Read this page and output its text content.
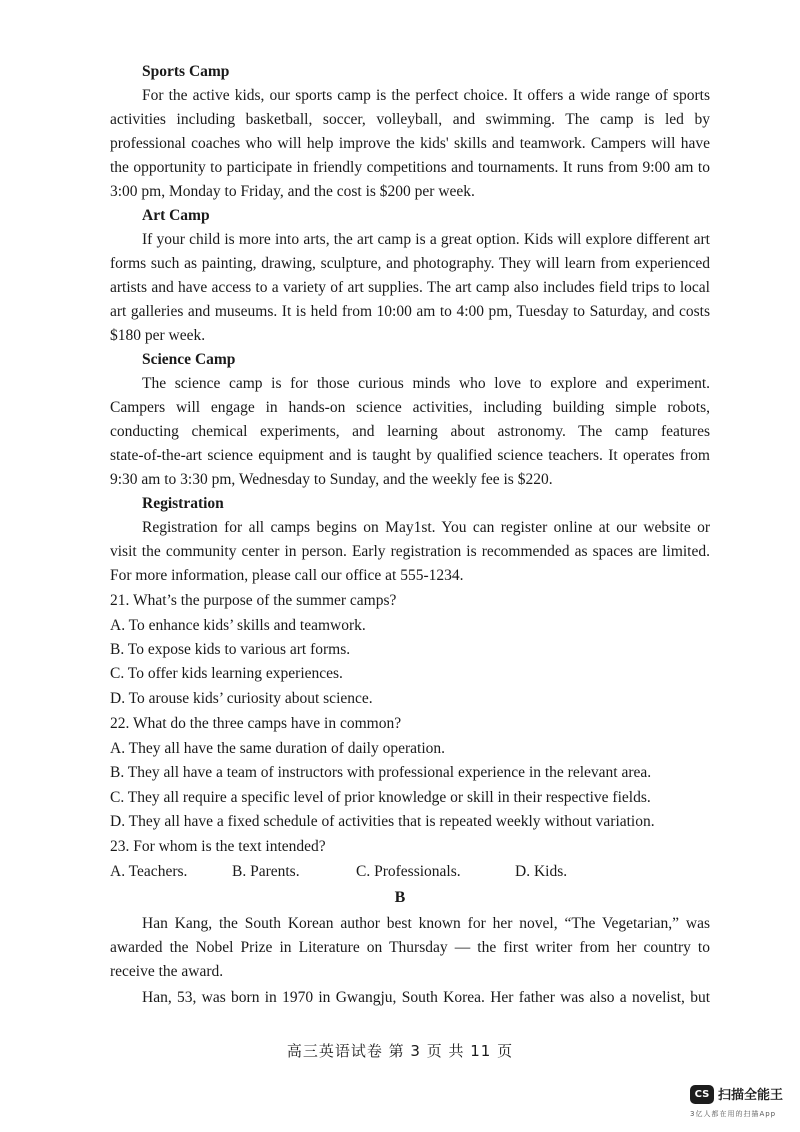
Sports Camp
For the active kids, our sports camp is the perfect choice. It offers a wide range of sports
activities including basketball, soccer, volleyball, and swimming. The camp is led by
professional coaches who will help improve the kids' skills and teamwork. Campers will have
the opportunity to participate in friendly competitions and tournaments. It runs from 9:00 am to
3:00 pm, Monday to Friday, and the cost is $200 per week.
Art Camp
If your child is more into arts, the art camp is a great option. Kids will explore different art
forms such as painting, drawing, sculpture, and photography. They will learn from experienced
artists and have access to a variety of art supplies. The art camp also includes field trips to local
art galleries and museums. It is held from 10:00 am to 4:00 pm, Tuesday to Saturday, and costs
$180 per week.
Science Camp
The science camp is for those curious minds who love to explore and experiment.
Campers will engage in hands-on science activities, including building simple robots,
conducting chemical experiments, and learning about astronomy. The camp features
state-of-the-art science equipment and is taught by qualified science teachers. It operates from
9:30 am to 3:30 pm, Wednesday to Sunday, and the weekly fee is $220.
Registration
Registration for all camps begins on May1st. You can register online at our website or
visit the community center in person. Early registration is recommended as spaces are limited.
For more information, please call our office at 555-1234.
21. What’s the purpose of the summer camps?
A. To enhance kids’ skills and teamwork.
B. To expose kids to various art forms.
C. To offer kids learning experiences.
D. To arouse kids’ curiosity about science.
22. What do the three camps have in common?
A. They all have the same duration of daily operation.
B. They all have a team of instructors with professional experience in the relevant area.
C. They all require a specific level of prior knowledge or skill in their respective fields.
D. They all have a fixed schedule of activities that is repeated weekly without variation.
23. For whom is the text intended?
A. Teachers.	B. Parents.	C. Professionals.	D. Kids.
B
Han Kang, the South Korean author best known for her novel, “The Vegetarian,” was
awarded the Nobel Prize in Literature on Thursday — the first writer from her country to
receive the award.
Han, 53, was born in 1970 in Gwangju, South Korea. Her father was also a novelist, but
高三英语试卷 第 3 页 共 11 页
CS 扫描全能王
3亿人都在用的扫描App
